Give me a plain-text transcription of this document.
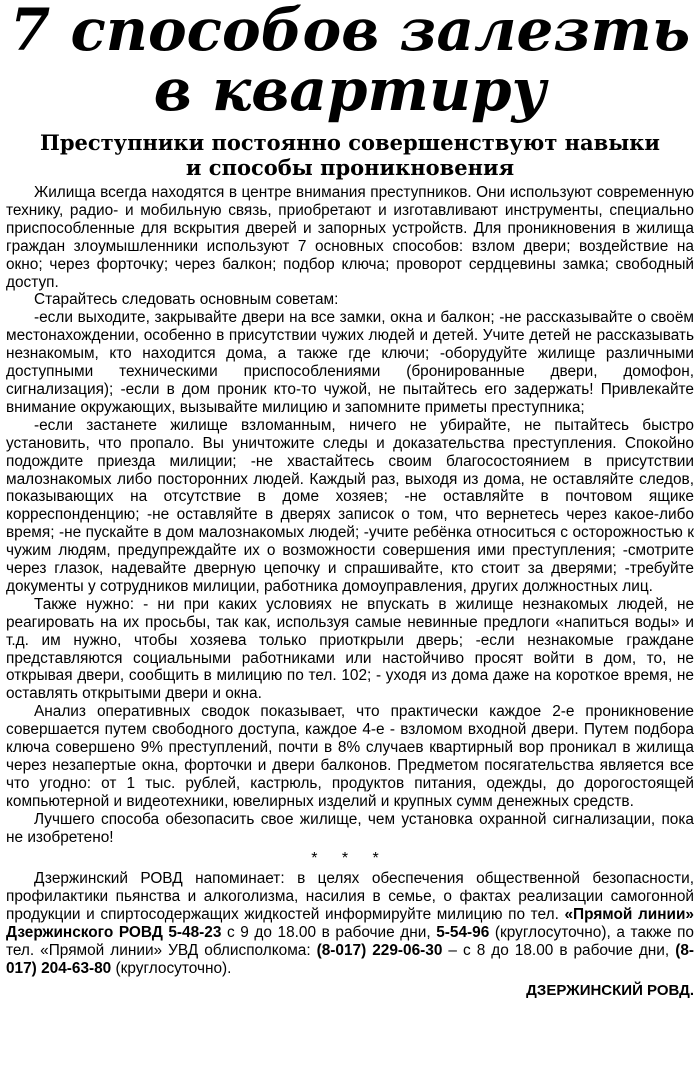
7 способов залезть
в квартиру
Преступники постоянно совершенствуют навыки
и способы проникновения

Жилища всегда находятся в центре внимания преступников. Они используют современную технику, радио- и мобильную связь, приобретают и изготавливают инструменты, специально приспособленные для вскрытия дверей и запорных устройств. Для проникновения в жилища граждан злоумышленники используют 7 основных способов: взлом двери; воздействие на окно; через форточку; через балкон; подбор ключа; проворот сердцевины замка; свободный доступ.

Старайтесь следовать основным советам:

-если выходите, закрывайте двери на все замки, окна и балкон; -не рассказывайте о своём местонахождении, особенно в присутствии чужих людей и детей. Учите детей не рассказывать незнакомым, кто находится дома, а также где ключи; -оборудуйте жилище различными доступными техническими приспособлениями (бронированные двери, домофон, сигнализация); -если в дом проник кто-то чужой, не пытайтесь его задержать! Привлекайте внимание окружающих, вызывайте милицию и запомните приметы преступника;

-если застанете жилище взломанным, ничего не убирайте, не пытайтесь быстро установить, что пропало. Вы уничтожите следы и доказательства преступления. Спокойно подождите приезда милиции; -не хвастайтесь своим благосостоянием в присутствии малознакомых либо посторонних людей. Каждый раз, выходя из дома, не оставляйте следов, показывающих на отсутствие в доме хозяев; -не оставляйте в почтовом ящике корреспонденцию; -не оставляйте в дверях записок о том, что вернетесь через какое-либо время; -не пускайте в дом малознакомых людей; -учите ребёнка относиться с осторожностью к чужим людям, предупреждайте их о возможности совершения ими преступления; -смотрите через глазок, надевайте дверную цепочку и спрашивайте, кто стоит за дверями; -требуйте документы у сотрудников милиции, работника домоуправления, других должностных лиц.

Также нужно: - ни при каких условиях не впускать в жилище незнакомых людей, не реагировать на их просьбы, так как, используя самые невинные предлоги «напиться воды» и т.д. им нужно, чтобы хозяева только приоткрыли дверь; -если незнакомые граждане представляются социальными работниками или настойчиво просят войти в дом, то, не открывая двери, сообщить в милицию по тел. 102; - уходя из дома даже на короткое время, не оставлять открытыми двери и окна.

Анализ оперативных сводок показывает, что практически каждое 2-е проникновение совершается путем свободного доступа, каждое 4-е - взломом входной двери. Путем подбора ключа совершено 9% преступлений, почти в 8% случаев квартирный вор проникал в жилища через незапертые окна, форточки и двери балконов. Предметом посягательства является все что угодно: от 1 тыс. рублей, кастрюль, продуктов питания, одежды, до дорогостоящей компьютерной и видеотехники, ювелирных изделий и крупных сумм денежных средств.

Лучшего способа обезопасить свое жилище, чем установка охранной сигнализации, пока не изобретено!

* * *

Дзержинский РОВД напоминает: в целях обеспечения общественной безопасности, профилактики пьянства и алкоголизма, насилия в семье, о фактах реализации самогонной продукции и спиртосодержащих жидкостей информируйте милицию по тел. «Прямой линии» Дзержинского РОВД 5-48-23 с 9 до 18.00 в рабочие дни, 5-54-96 (круглосуточно), а также по тел. «Прямой линии» УВД облисполкома: (8-017) 229-06-30 – с 8 до 18.00 в рабочие дни, (8-017) 204-63-80 (круглосуточно).

ДЗЕРЖИНСКИЙ РОВД.
